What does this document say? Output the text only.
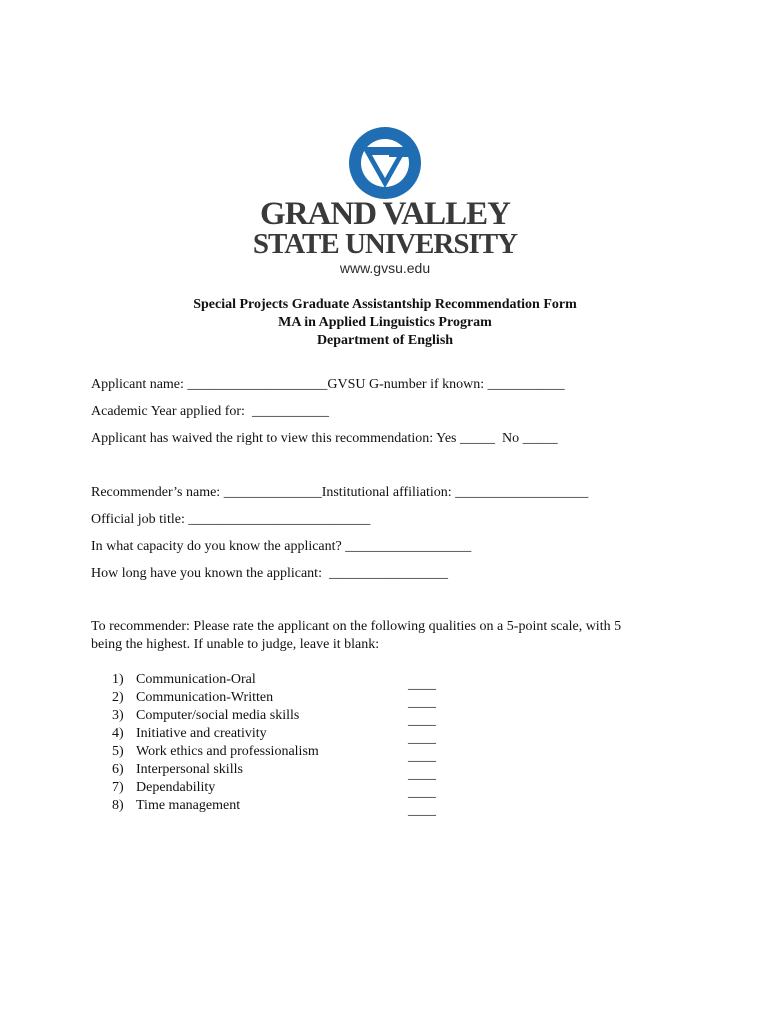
GRAND VALLEY
STATE UNIVERSITY
www.gvsu.edu
Special Projects Graduate Assistantship Recommendation Form
MA in Applied Linguistics Program
Department of English
Applicant name: ____________________GVSU G-number if known: ___________
Academic Year applied for:  ___________
Applicant has waived the right to view this recommendation: Yes _____  No _____
Recommender’s name: ______________Institutional affiliation: ___________________
Official job title: __________________________
In what capacity do you know the applicant? __________________
How long have you known the applicant:  _________________
To recommender: Please rate the applicant on the following qualities on a 5-point scale, with 5
being the highest. If unable to judge, leave it blank:
1) Communication-Oral
2) Communication-Written
3) Computer/social media skills
4) Initiative and creativity
5) Work ethics and professionalism
6) Interpersonal skills
7) Dependability
8) Time management
____
____
____
____
____
____
____
____
